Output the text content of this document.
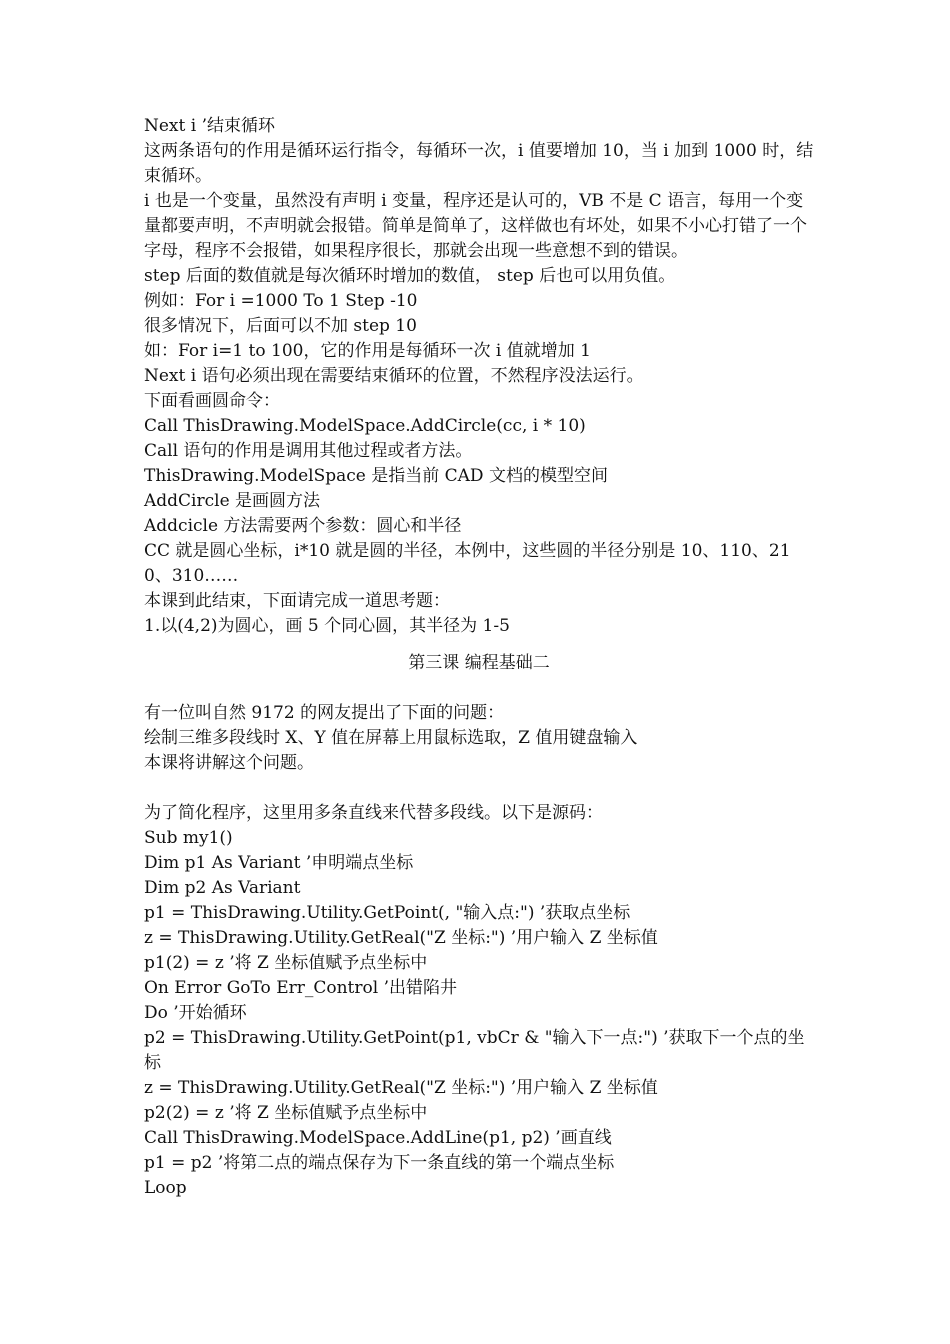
Next i ’结束循环

这两条语句的作用是循环运行指令，每循环一次，i 值要增加 10，当 i 加到 1000 时，结束循环。

i 也是一个变量，虽然没有声明 i 变量，程序还是认可的，VB 不是 C 语言，每用一个变量都要声明，不声明就会报错。简单是简单了，这样做也有坏处，如果不小心打错了一个字母，程序不会报错，如果程序很长，那就会出现一些意想不到的错误。

step 后面的数值就是每次循环时增加的数值， step 后也可以用负值。

例如：For i =1000 To 1 Step -10

很多情况下，后面可以不加 step 10

如：For i=1 to 100，它的作用是每循环一次 i 值就增加 1

Next i 语句必须出现在需要结束循环的位置，不然程序没法运行。

下面看画圆命令：

Call ThisDrawing.ModelSpace.AddCircle(cc, i * 10)

Call 语句的作用是调用其他过程或者方法。

ThisDrawing.ModelSpace 是指当前 CAD 文档的模型空间

AddCircle 是画圆方法

Addcicle 方法需要两个参数：圆心和半径

CC 就是圆心坐标，i*10 就是圆的半径，本例中，这些圆的半径分别是 10、110、210、310……

本课到此结束，下面请完成一道思考题：

1.以(4,2)为圆心，画 5 个同心圆，其半径为 1-5

第三课 编程基础二

有一位叫自然 9172 的网友提出了下面的问题：

绘制三维多段线时 X、Y 值在屏幕上用鼠标选取，Z 值用键盘输入

本课将讲解这个问题。

为了简化程序，这里用多条直线来代替多段线。以下是源码：

Sub my1()

Dim p1 As Variant ’申明端点坐标

Dim p2 As Variant

p1 = ThisDrawing.Utility.GetPoint(, "输入点:") ’获取点坐标

z = ThisDrawing.Utility.GetReal("Z 坐标:") ’用户输入 Z 坐标值

p1(2) = z ’将 Z 坐标值赋予点坐标中

On Error GoTo Err_Control ’出错陷井

Do ’开始循环

p2 = ThisDrawing.Utility.GetPoint(p1, vbCr & "输入下一点:") ’获取下一个点的坐标

z = ThisDrawing.Utility.GetReal("Z 坐标:") ’用户输入 Z 坐标值

p2(2) = z ’将 Z 坐标值赋予点坐标中

Call ThisDrawing.ModelSpace.AddLine(p1, p2) ’画直线

p1 = p2 ’将第二点的端点保存为下一条直线的第一个端点坐标

Loop
